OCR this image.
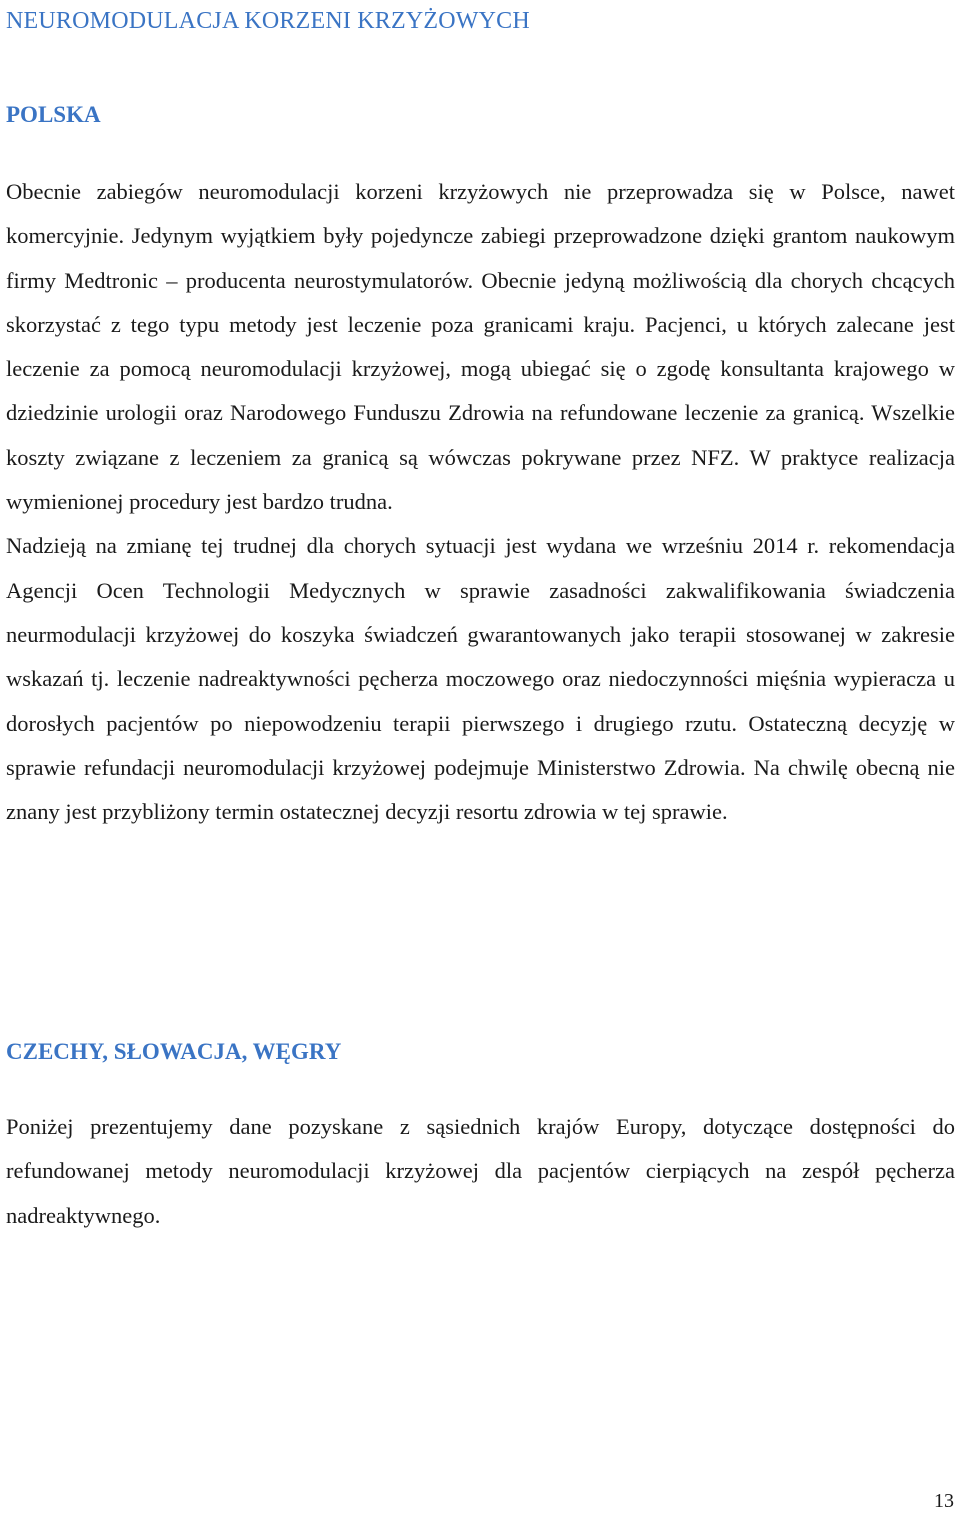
NEUROMODULACJA KORZENI KRZYŻOWYCH
POLSKA
Obecnie zabiegów neuromodulacji korzeni krzyżowych nie przeprowadza się w Polsce, nawet komercyjnie. Jedynym wyjątkiem były pojedyncze zabiegi przeprowadzone dzięki grantom naukowym firmy Medtronic – producenta neurostymulatorów. Obecnie jedyną możliwością dla chorych chcących skorzystać z tego typu metody jest leczenie poza granicami kraju. Pacjenci, u których zalecane jest leczenie za pomocą neuromodulacji krzyżowej, mogą ubiegać się o zgodę konsultanta krajowego w dziedzinie urologii oraz Narodowego Funduszu Zdrowia na refundowane leczenie za granicą. Wszelkie koszty związane z leczeniem za granicą są wówczas pokrywane przez NFZ. W praktyce realizacja wymienionej procedury jest bardzo trudna.
Nadzieją na zmianę tej trudnej dla chorych sytuacji jest wydana we wrześniu 2014 r. rekomendacja Agencji Ocen Technologii Medycznych w sprawie zasadności zakwalifikowania świadczenia neurmodulacji krzyżowej do koszyka świadczeń gwarantowanych jako terapii stosowanej w zakresie wskazań tj. leczenie nadreaktywności pęcherza moczowego oraz niedoczynności mięśnia wypieracza u dorosłych pacjentów po niepowodzeniu terapii pierwszego i drugiego rzutu. Ostateczną decyzję w sprawie refundacji neuromodulacji krzyżowej podejmuje Ministerstwo Zdrowia. Na chwilę obecną nie znany jest przybliżony termin ostatecznej decyzji resortu zdrowia w tej sprawie.
CZECHY, SŁOWACJA, WĘGRY

Poniżej prezentujemy dane pozyskane z sąsiednich krajów Europy, dotyczące dostępności do refundowanej metody neuromodulacji krzyżowej dla pacjentów cierpiących na zespół pęcherza nadreaktywnego.

13
